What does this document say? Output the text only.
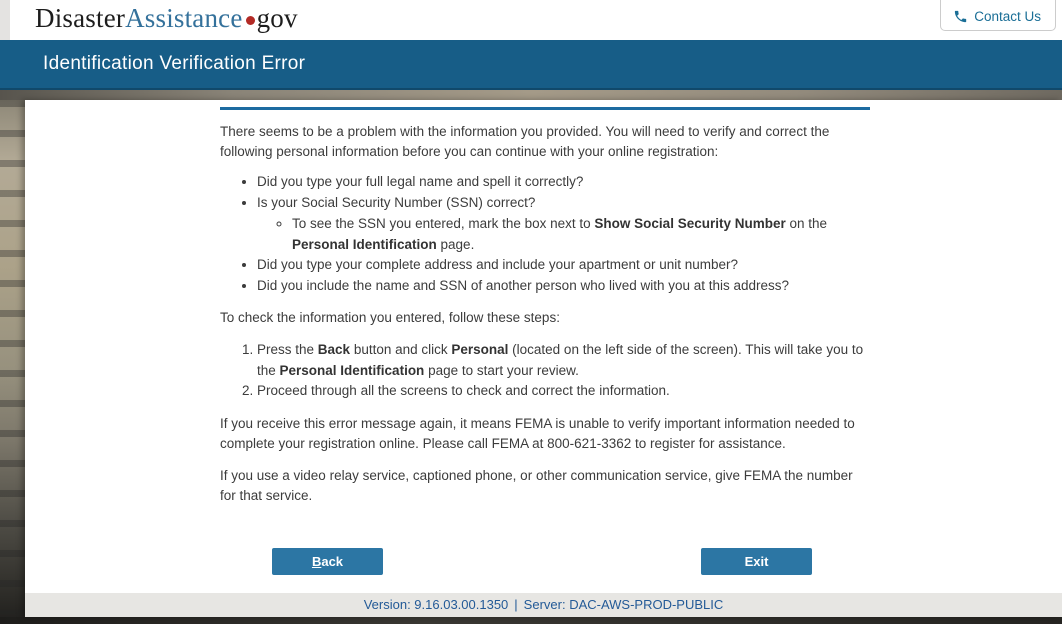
DisasterAssistance gov	Contact Us
Identification Verification Error

There seems to be a problem with the information you provided. You will need to verify and correct the following personal information before you can continue with your online registration:

• Did you type your full legal name and spell it correctly?
• Is your Social Security Number (SSN) correct?
◦ To see the SSN you entered, mark the box next to Show Social Security Number on the Personal Identification page.
• Did you type your complete address and include your apartment or unit number?
• Did you include the name and SSN of another person who lived with you at this address?

To check the information you entered, follow these steps:

1. Press the Back button and click Personal (located on the left side of the screen). This will take you to the Personal Identification page to start your review.
2. Proceed through all the screens to check and correct the information.

If you receive this error message again, it means FEMA is unable to verify important information needed to complete your registration online. Please call FEMA at 800-621-3362 to register for assistance.

If you use a video relay service, captioned phone, or other communication service, give FEMA the number for that service.

Back	Exit
Version: 9.16.03.00.1350 | Server: DAC-AWS-PROD-PUBLIC
